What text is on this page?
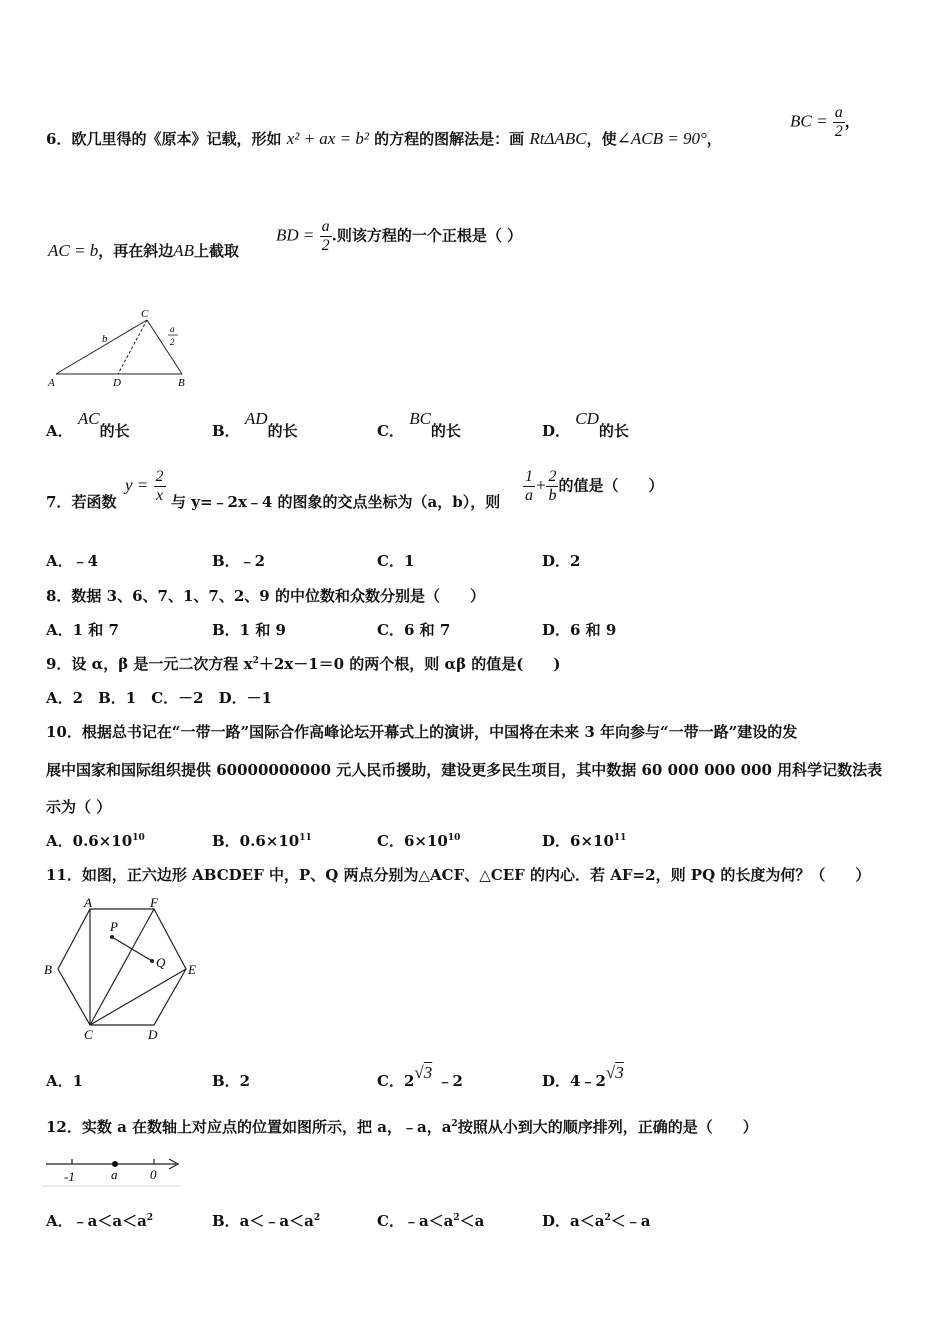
6．欧几里得的《原本》记载，形如 x² + ax = b² 的方程的图解法是：画 RtΔABC，使∠ACB = 90°，
BC = $\frac{a}{2}$ ，
AC = b，再在斜边AB上截取
BD = $\frac{a}{2}$ .则该方程的一个正根是（ ）
A	D	B
C
b
a
2
A． AC的长	B． AD的长	C． BC的长	D． CD的长
7．若函数
$y = \frac{2}{x}$ 与 y=﹣2x﹣4 的图象的交点坐标为（a，b），则 $\frac{1}{a} + \frac{2}{b}$ 的值是（　　）
A．﹣4	B．﹣2	C．1	D．2
8．数据 3、6、7、1、7、2、9 的中位数和众数分别是（　　）
A．1 和 7	B．1 和 9	C．6 和 7	D．6 和 9
9．设 α，β 是一元二次方程 $x^2+2x-1=0$ 的两个根，则 αβ 的值是(　　)
A．2　B．1　C．－2　D．－1
10．根据总书记在“一带一路”国际合作高峰论坛开幕式上的演讲，中国将在未来 3 年向参与“一带一路”建设的发
展中国家和国际组织提供 60000000000 元人民币援助，建设更多民生项目，其中数据 60 000 000 000 用科学记数法表
示为（ ）
A．$0.6\times 10^{10}$	B．$0.6\times 10^{11}$	C．$6\times 10^{10}$	D．$6\times 10^{11}$
11．如图，正六边形 ABCDEF 中，P、Q 两点分别为△ACF、△CEF 的内心．若 AF=2，则 PQ 的长度为何？（　　）
A	F
B	E
C	D
P
Q
A．1	B．2	C．2√3 ﹣2	D．4﹣2√3
12．实数 a 在数轴上对应点的位置如图所示，把 a，﹣a，$a^2$按照从小到大的顺序排列，正确的是（　　）
-1	a	0
A．$﹣a<a<a^2$	B．$a<﹣a<a^2$	C．$﹣a<a^2<a$	D．$a<a^2<﹣a$
